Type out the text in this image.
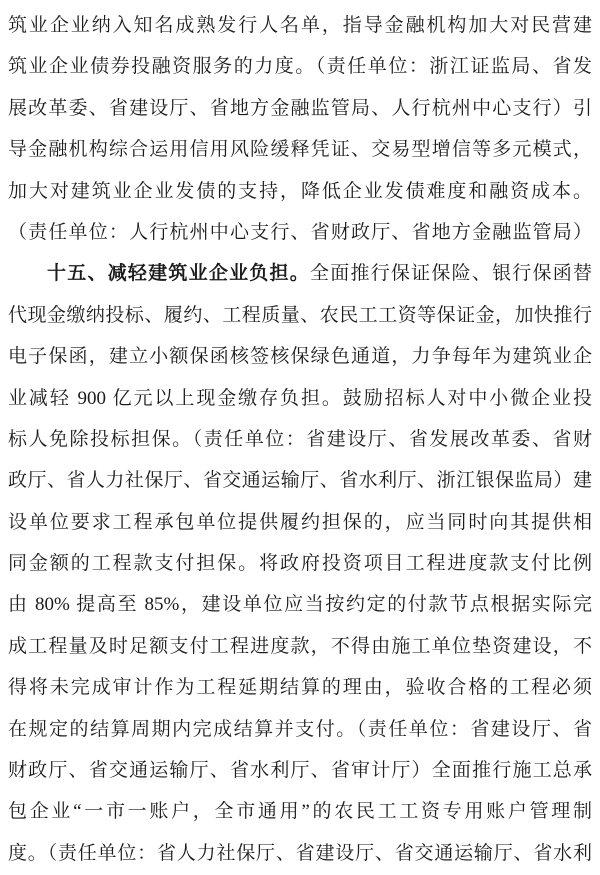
筑业企业纳入知名成熟发行人名单，指导金融机构加大对民营建
筑业企业债券投融资服务的力度。（责任单位：浙江证监局、省发
展改革委、省建设厅、省地方金融监管局、人行杭州中心支行）引
导金融机构综合运用信用风险缓释凭证、交易型增信等多元模式，
加大对建筑业企业发债的支持，降低企业发债难度和融资成本。
（责任单位：人行杭州中心支行、省财政厅、省地方金融监管局）
十五、减轻建筑业企业负担。全面推行保证保险、银行保函替
代现金缴纳投标、履约、工程质量、农民工工资等保证金，加快推行
电子保函，建立小额保函核签核保绿色通道，力争每年为建筑业企
业减轻 900 亿元以上现金缴存负担。鼓励招标人对中小微企业投
标人免除投标担保。（责任单位：省建设厅、省发展改革委、省财
政厅、省人力社保厅、省交通运输厅、省水利厅、浙江银保监局）建
设单位要求工程承包单位提供履约担保的，应当同时向其提供相
同金额的工程款支付担保。将政府投资项目工程进度款支付比例
由 80% 提高至 85%，建设单位应当按约定的付款节点根据实际完
成工程量及时足额支付工程进度款，不得由施工单位垫资建设，不
得将未完成审计作为工程延期结算的理由，验收合格的工程必须
在规定的结算周期内完成结算并支付。（责任单位：省建设厅、省
财政厅、省交通运输厅、省水利厅、省审计厅）全面推行施工总承
包企业“一市一账户，全市通用”的农民工工资专用账户管理制
度。（责任单位：省人力社保厅、省建设厅、省交通运输厅、省水利
